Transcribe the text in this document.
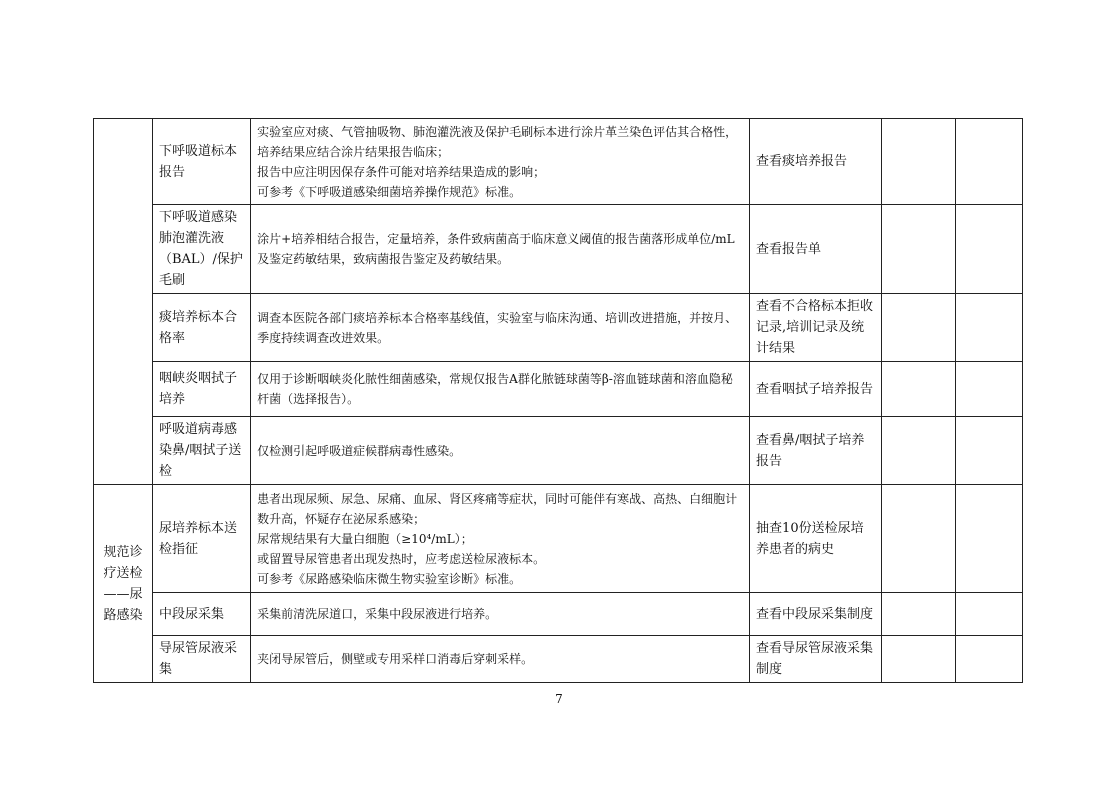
	下呼吸道标本报告	实验室应对痰、气管抽吸物、肺泡灌洗液及保护毛刷标本进行涂片革兰染色评估其合格性，培养结果应结合涂片结果报告临床；
报告中应注明因保存条件可能对培养结果造成的影响；
可参考《下呼吸道感染细菌培养操作规范》标准。	查看痰培养报告		
	下呼吸道感染肺泡灌洗液（BAL）/保护毛刷	涂片+培养相结合报告，定量培养，条件致病菌高于临床意义阈值的报告菌落形成单位/mL及鉴定药敏结果，致病菌报告鉴定及药敏结果。	查看报告单		
	痰培养标本合格率	调查本医院各部门痰培养标本合格率基线值，实验室与临床沟通、培训改进措施，并按月、季度持续调查改进效果。	查看不合格标本拒收记录,培训记录及统计结果		
	咽峡炎咽拭子培养	仅用于诊断咽峡炎化脓性细菌感染，常规仅报告A群化脓链球菌等β-溶血链球菌和溶血隐秘杆菌（选择报告）。	查看咽拭子培养报告		
	呼吸道病毒感染鼻/咽拭子送检	仅检测引起呼吸道症候群病毒性感染。	查看鼻/咽拭子培养报告		
规范诊疗送检——尿路感染	尿培养标本送检指征	患者出现尿频、尿急、尿痛、血尿、肾区疼痛等症状，同时可能伴有寒战、高热、白细胞计数升高，怀疑存在泌尿系感染；
尿常规结果有大量白细胞（≥10⁴/mL）；
或留置导尿管患者出现发热时，应考虑送检尿液标本。
可参考《尿路感染临床微生物实验室诊断》标准。	抽查10份送检尿培养患者的病史		
	中段尿采集	采集前清洗尿道口，采集中段尿液进行培养。	查看中段尿采集制度		
	导尿管尿液采集	夹闭导尿管后，侧壁或专用采样口消毒后穿刺采样。	查看导尿管尿液采集制度		
7
